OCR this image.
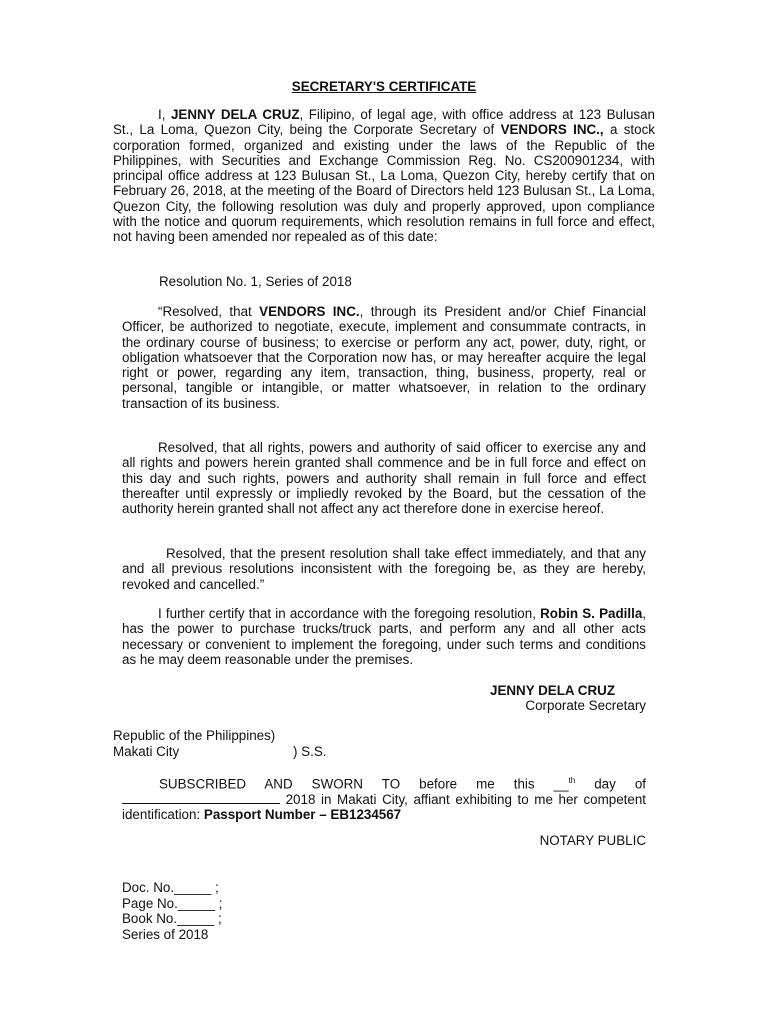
SECRETARY'S CERTIFICATE
I, JENNY DELA CRUZ, Filipino, of legal age, with office address at 123 Bulusan St., La Loma, Quezon City, being the Corporate Secretary of VENDORS INC., a stock corporation formed, organized and existing under the laws of the Republic of the Philippines, with Securities and Exchange Commission Reg. No. CS200901234, with principal office address at 123 Bulusan St., La Loma, Quezon City, hereby certify that on February 26, 2018, at the meeting of the Board of Directors held 123 Bulusan St., La Loma, Quezon City, the following resolution was duly and properly approved, upon compliance with the notice and quorum requirements, which resolution remains in full force and effect, not having been amended nor repealed as of this date:
Resolution No. 1, Series of 2018
“Resolved, that VENDORS INC., through its President and/or Chief Financial Officer, be authorized to negotiate, execute, implement and consummate contracts, in the ordinary course of business; to exercise or perform any act, power, duty, right, or obligation whatsoever that the Corporation now has, or may hereafter acquire the legal right or power, regarding any item, transaction, thing, business, property, real or personal, tangible or intangible, or matter whatsoever, in relation to the ordinary transaction of its business.
Resolved, that all rights, powers and authority of said officer to exercise any and all rights and powers herein granted shall commence and be in full force and effect on this day and such rights, powers and authority shall remain in full force and effect thereafter until expressly or impliedly revoked by the Board, but the cessation of the authority herein granted shall not affect any act therefore done in exercise hereof.
Resolved, that the present resolution shall take effect immediately, and that any and all previous resolutions inconsistent with the foregoing be, as they are hereby, revoked and cancelled.”
I further certify that in accordance with the foregoing resolution, Robin S. Padilla, has the power to purchase trucks/truck parts, and perform any and all other acts necessary or convenient to implement the foregoing, under such terms and conditions as he may deem reasonable under the premises.
JENNY DELA CRUZ
Corporate Secretary
Republic of the Philippines)
Makati City	) S.S.
SUBSCRIBED AND SWORN TO before me this __$^{th}$ day of  2018 in Makati City, affiant exhibiting to me her competent identification: Passport Number – EB1234567
NOTARY PUBLIC
Doc. No._____ ;
Page No._____ ;
Book No._____ ;
Series of 2018
